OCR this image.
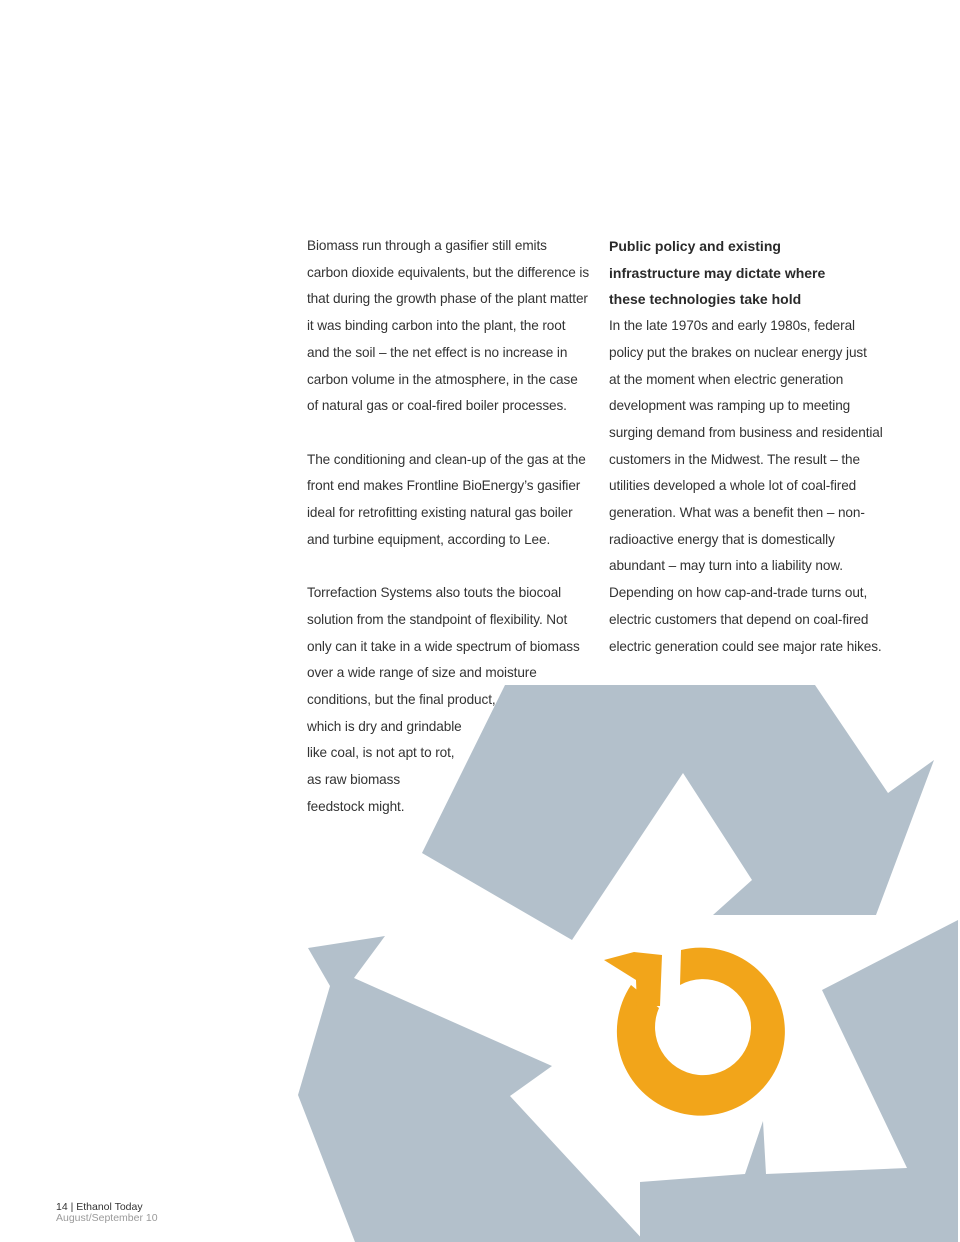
Biomass run through a gasifier still emits
carbon dioxide equivalents, but the difference is
that during the growth phase of the plant matter
it was binding carbon into the plant, the root
and the soil – the net effect is no increase in
carbon volume in the atmosphere, in the case
of natural gas or coal-fired boiler processes.

The conditioning and clean-up of the gas at the
front end makes Frontline BioEnergy’s gasifier
ideal for retrofitting existing natural gas boiler
and turbine equipment, according to Lee.

Torrefaction Systems also touts the biocoal
solution from the standpoint of flexibility. Not
only can it take in a wide spectrum of biomass
over a wide range of size and moisture
conditions, but the final product,
which is dry and grindable
like coal, is not apt to rot,
as raw biomass
feedstock might.

Public policy and existing
infrastructure may dictate where
these technologies take hold
In the late 1970s and early 1980s, federal
policy put the brakes on nuclear energy just
at the moment when electric generation
development was ramping up to meeting
surging demand from business and residential
customers in the Midwest. The result – the
utilities developed a whole lot of coal-fired
generation. What was a benefit then – non-
radioactive energy that is domestically
abundant – may turn into a liability now.
Depending on how cap-and-trade turns out,
electric customers that depend on coal-fired
electric generation could see major rate hikes.
14 | Ethanol Today
August/September 10
